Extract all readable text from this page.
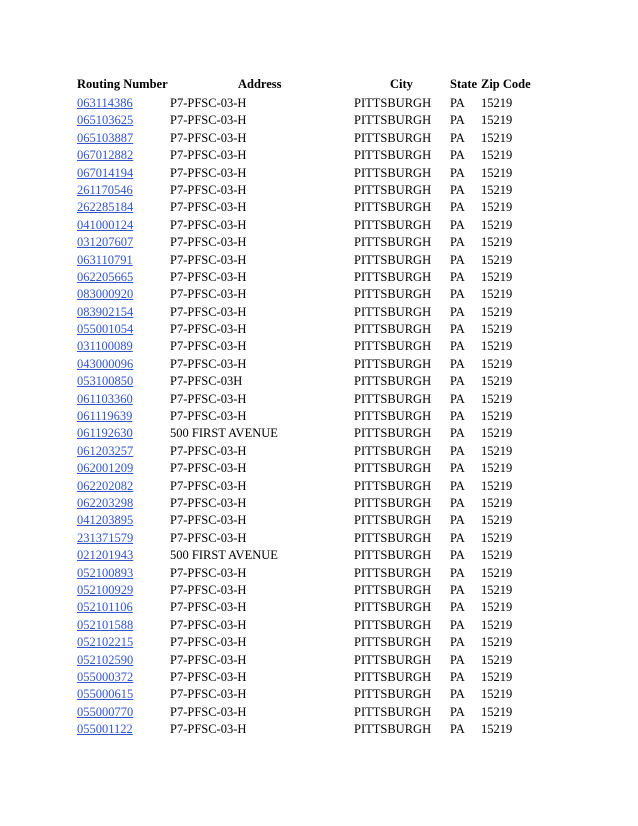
Routing Number	Address	City	State Zip Code
063114386	P7-PFSC-03-H	PITTSBURGH PA 15219
065103625	P7-PFSC-03-H	PITTSBURGH PA 15219
065103887	P7-PFSC-03-H	PITTSBURGH PA 15219
067012882	P7-PFSC-03-H	PITTSBURGH PA 15219
067014194	P7-PFSC-03-H	PITTSBURGH PA 15219
261170546	P7-PFSC-03-H	PITTSBURGH PA 15219
262285184	P7-PFSC-03-H	PITTSBURGH PA 15219
041000124	P7-PFSC-03-H	PITTSBURGH PA 15219
031207607	P7-PFSC-03-H	PITTSBURGH PA 15219
063110791	P7-PFSC-03-H	PITTSBURGH PA 15219
062205665	P7-PFSC-03-H	PITTSBURGH PA 15219
083000920	P7-PFSC-03-H	PITTSBURGH PA 15219
083902154	P7-PFSC-03-H	PITTSBURGH PA 15219
055001054	P7-PFSC-03-H	PITTSBURGH PA 15219
031100089	P7-PFSC-03-H	PITTSBURGH PA 15219
043000096	P7-PFSC-03-H	PITTSBURGH PA 15219
053100850	P7-PFSC-03H	PITTSBURGH PA 15219
061103360	P7-PFSC-03-H	PITTSBURGH PA 15219
061119639	P7-PFSC-03-H	PITTSBURGH PA 15219
061192630	500 FIRST AVENUE	PITTSBURGH PA 15219
061203257	P7-PFSC-03-H	PITTSBURGH PA 15219
062001209	P7-PFSC-03-H	PITTSBURGH PA 15219
062202082	P7-PFSC-03-H	PITTSBURGH PA 15219
062203298	P7-PFSC-03-H	PITTSBURGH PA 15219
041203895	P7-PFSC-03-H	PITTSBURGH PA 15219
231371579	P7-PFSC-03-H	PITTSBURGH PA 15219
021201943	500 FIRST AVENUE	PITTSBURGH PA 15219
052100893	P7-PFSC-03-H	PITTSBURGH PA 15219
052100929	P7-PFSC-03-H	PITTSBURGH PA 15219
052101106	P7-PFSC-03-H	PITTSBURGH PA 15219
052101588	P7-PFSC-03-H	PITTSBURGH PA 15219
052102215	P7-PFSC-03-H	PITTSBURGH PA 15219
052102590	P7-PFSC-03-H	PITTSBURGH PA 15219
055000372	P7-PFSC-03-H	PITTSBURGH PA 15219
055000615	P7-PFSC-03-H	PITTSBURGH PA 15219
055000770	P7-PFSC-03-H	PITTSBURGH PA 15219
055001122	P7-PFSC-03-H	PITTSBURGH PA 15219
